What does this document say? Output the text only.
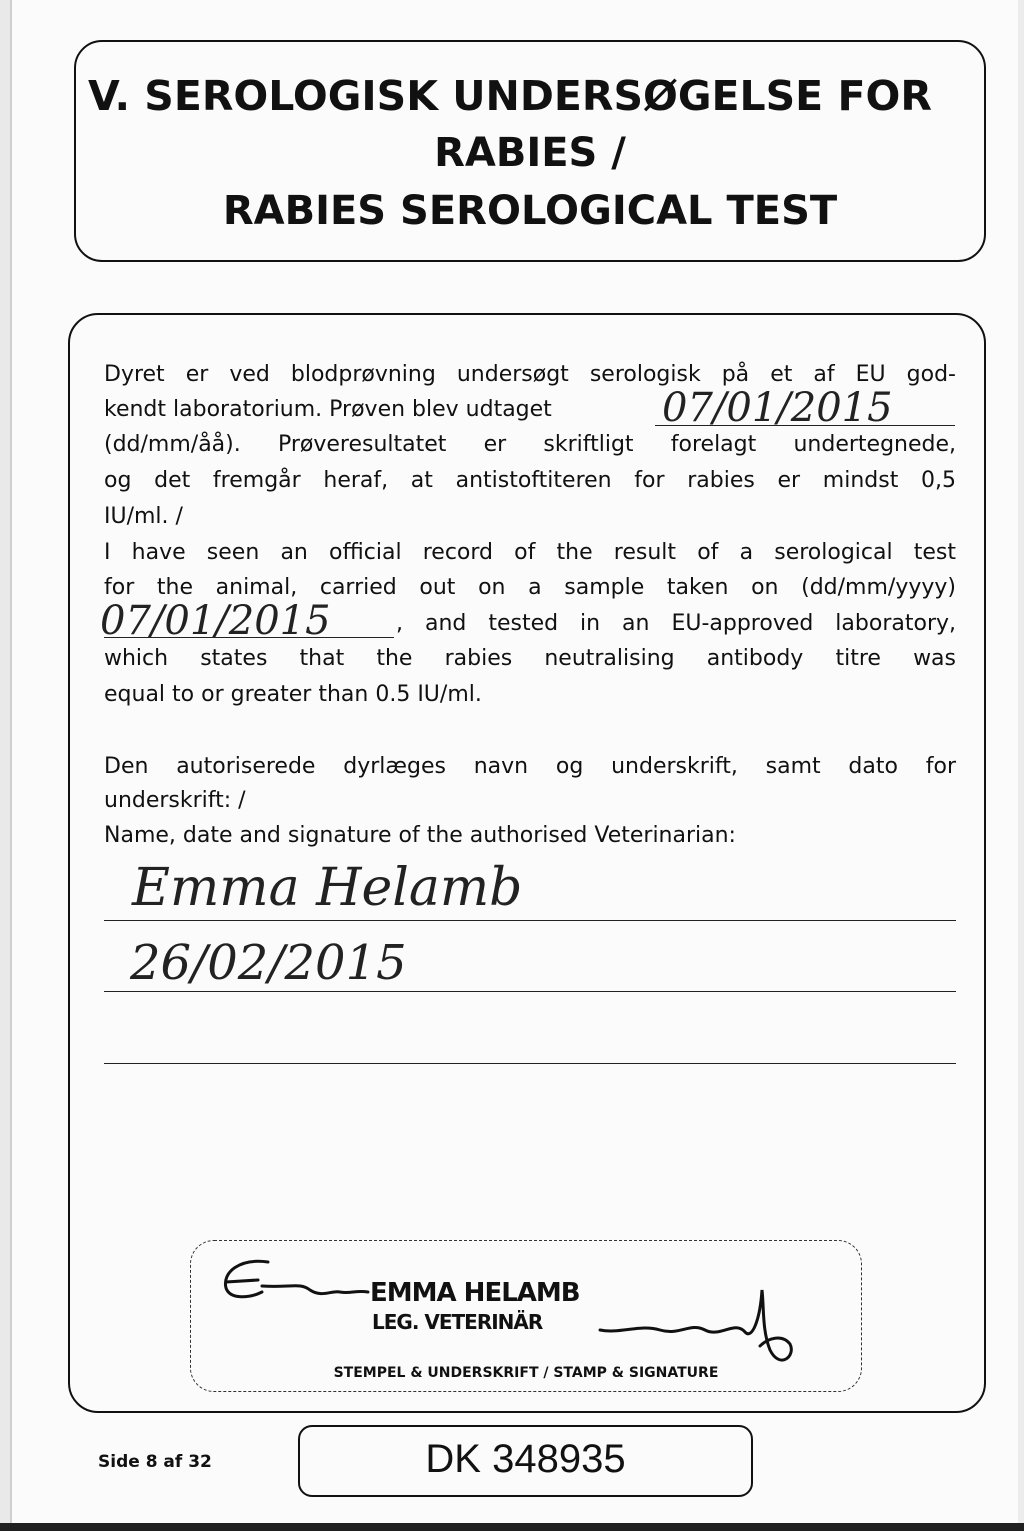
V. SEROLOGISK UNDERSØGELSE FOR
RABIES /
RABIES SEROLOGICAL TEST
Dyret er ved blodprøvning undersøgt serologisk på et af EU god-
kendt laboratorium. Prøven blev udtaget	07/01/2015
(dd/mm/åå). Prøveresultatet er skriftligt forelagt undertegnede,
og det fremgår heraf, at antistoftiteren for rabies er mindst 0,5
IU/ml. /
I have seen an official record of the result of a serological test
for the animal, carried out on a sample taken on (dd/mm/yyyy)
07/01/2015	, and tested in an EU-approved laboratory,
which states that the rabies neutralising antibody titre was
equal to or greater than 0.5 IU/ml.
Den autoriserede dyrlæges navn og underskrift, samt dato for
underskrift: /
Name, date and signature of the authorised Veterinarian:
Emma Helamb
26/02/2015
EMMA HELAMB
LEG. VETERINÄR
STEMPEL & UNDERSKRIFT / STAMP & SIGNATURE
Side 8 af 32	DK 348935
